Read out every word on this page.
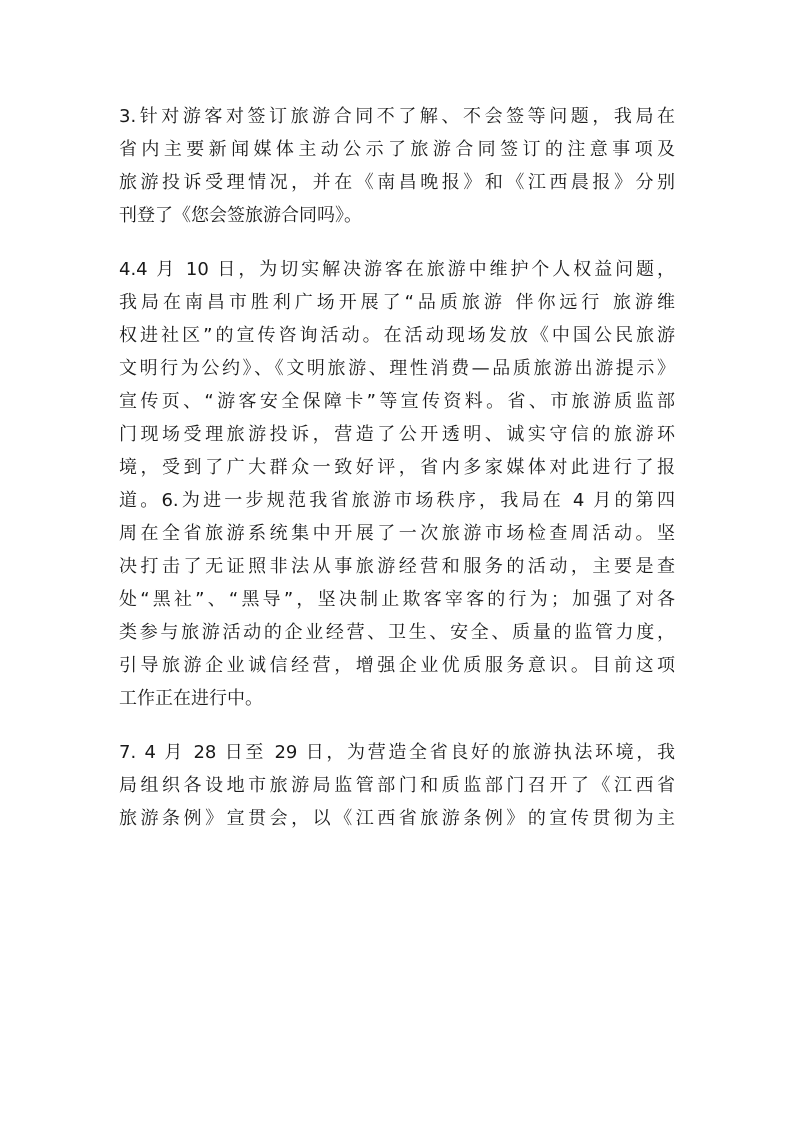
3.针对游客对签订旅游合同不了解、不会签等问题，我局在
省内主要新闻媒体主动公示了旅游合同签订的注意事项及
旅游投诉受理情况，并在《南昌晚报》和《江西晨报》分别
刊登了《您会签旅游合同吗》。

4.4 月 10 日，为切实解决游客在旅游中维护个人权益问题，
我局在南昌市胜利广场开展了“品质旅游 伴你远行 旅游维
权进社区”的宣传咨询活动。在活动现场发放《中国公民旅游
文明行为公约》、《文明旅游、理性消费—品质旅游出游提示》
宣传页、“游客安全保障卡”等宣传资料。省、市旅游质监部
门现场受理旅游投诉，营造了公开透明、诚实守信的旅游环
境，受到了广大群众一致好评，省内多家媒体对此进行了报
道。6.为进一步规范我省旅游市场秩序，我局在 4 月的第四
周在全省旅游系统集中开展了一次旅游市场检查周活动。坚
决打击了无证照非法从事旅游经营和服务的活动，主要是查
处“黑社”、“黑导”，坚决制止欺客宰客的行为；加强了对各
类参与旅游活动的企业经营、卫生、安全、质量的监管力度，
引导旅游企业诚信经营，增强企业优质服务意识。目前这项
工作正在进行中。

7. 4 月 28 日至 29 日，为营造全省良好的旅游执法环境，我
局组织各设地市旅游局监管部门和质监部门召开了《江西省
旅游条例》宣贯会，以《江西省旅游条例》的宣传贯彻为主
